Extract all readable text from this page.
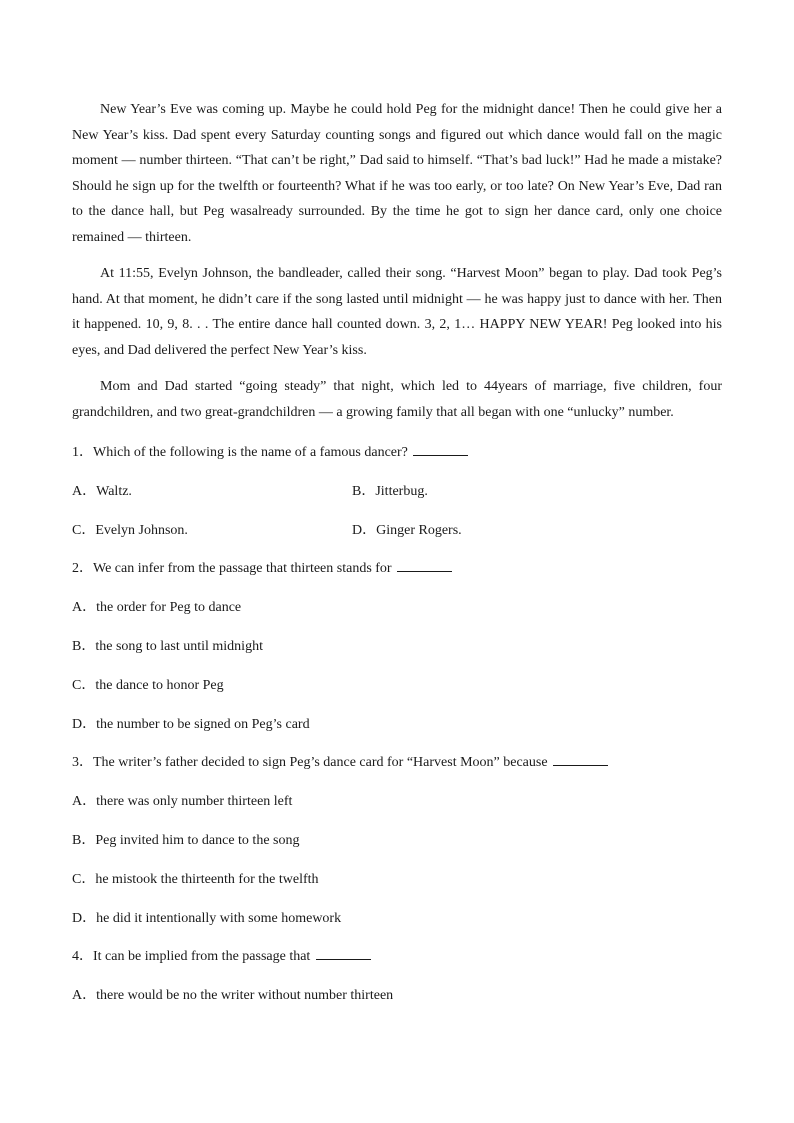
New Year’s Eve was coming up. Maybe he could hold Peg for the midnight dance! Then he could give her a New Year’s kiss. Dad spent every Saturday counting songs and figured out which dance would fall on the magic moment — number thirteen. “That can’t be right,” Dad said to himself. “That’s bad luck!” Had he made a mistake? Should he sign up for the twelfth or fourteenth? What if he was too early, or too late? On New Year’s Eve, Dad ran to the dance hall, but Peg wasalready surrounded. By the time he got to sign her dance card, only one choice remained — thirteen.

At 11:55, Evelyn Johnson, the bandleader, called their song. “Harvest Moon” began to play. Dad took Peg’s hand. At that moment, he didn’t care if the song lasted until midnight — he was happy just to dance with her. Then it happened. 10, 9, 8. . . The entire dance hall counted down. 3, 2, 1… HAPPY NEW YEAR! Peg looked into his eyes, and Dad delivered the perfect New Year’s kiss.

Mom and Dad started “going steady” that night, which led to 44years of marriage, five children, four grandchildren, and two great-grandchildren — a growing family that all began with one “unlucky” number.

1．Which of the following is the name of a famous dancer?
A．Waltz.	B．Jitterbug.
C．Evelyn Johnson.	D．Ginger Rogers.
2．We can infer from the passage that thirteen stands for
A．the order for Peg to dance
B．the song to last until midnight
C．the dance to honor Peg
D．the number to be signed on Peg’s card
3．The writer’s father decided to sign Peg’s dance card for “Harvest Moon” because
A．there was only number thirteen left
B．Peg invited him to dance to the song
C．he mistook the thirteenth for the twelfth
D．he did it intentionally with some homework
4．It can be implied from the passage that
A．there would be no the writer without number thirteen
